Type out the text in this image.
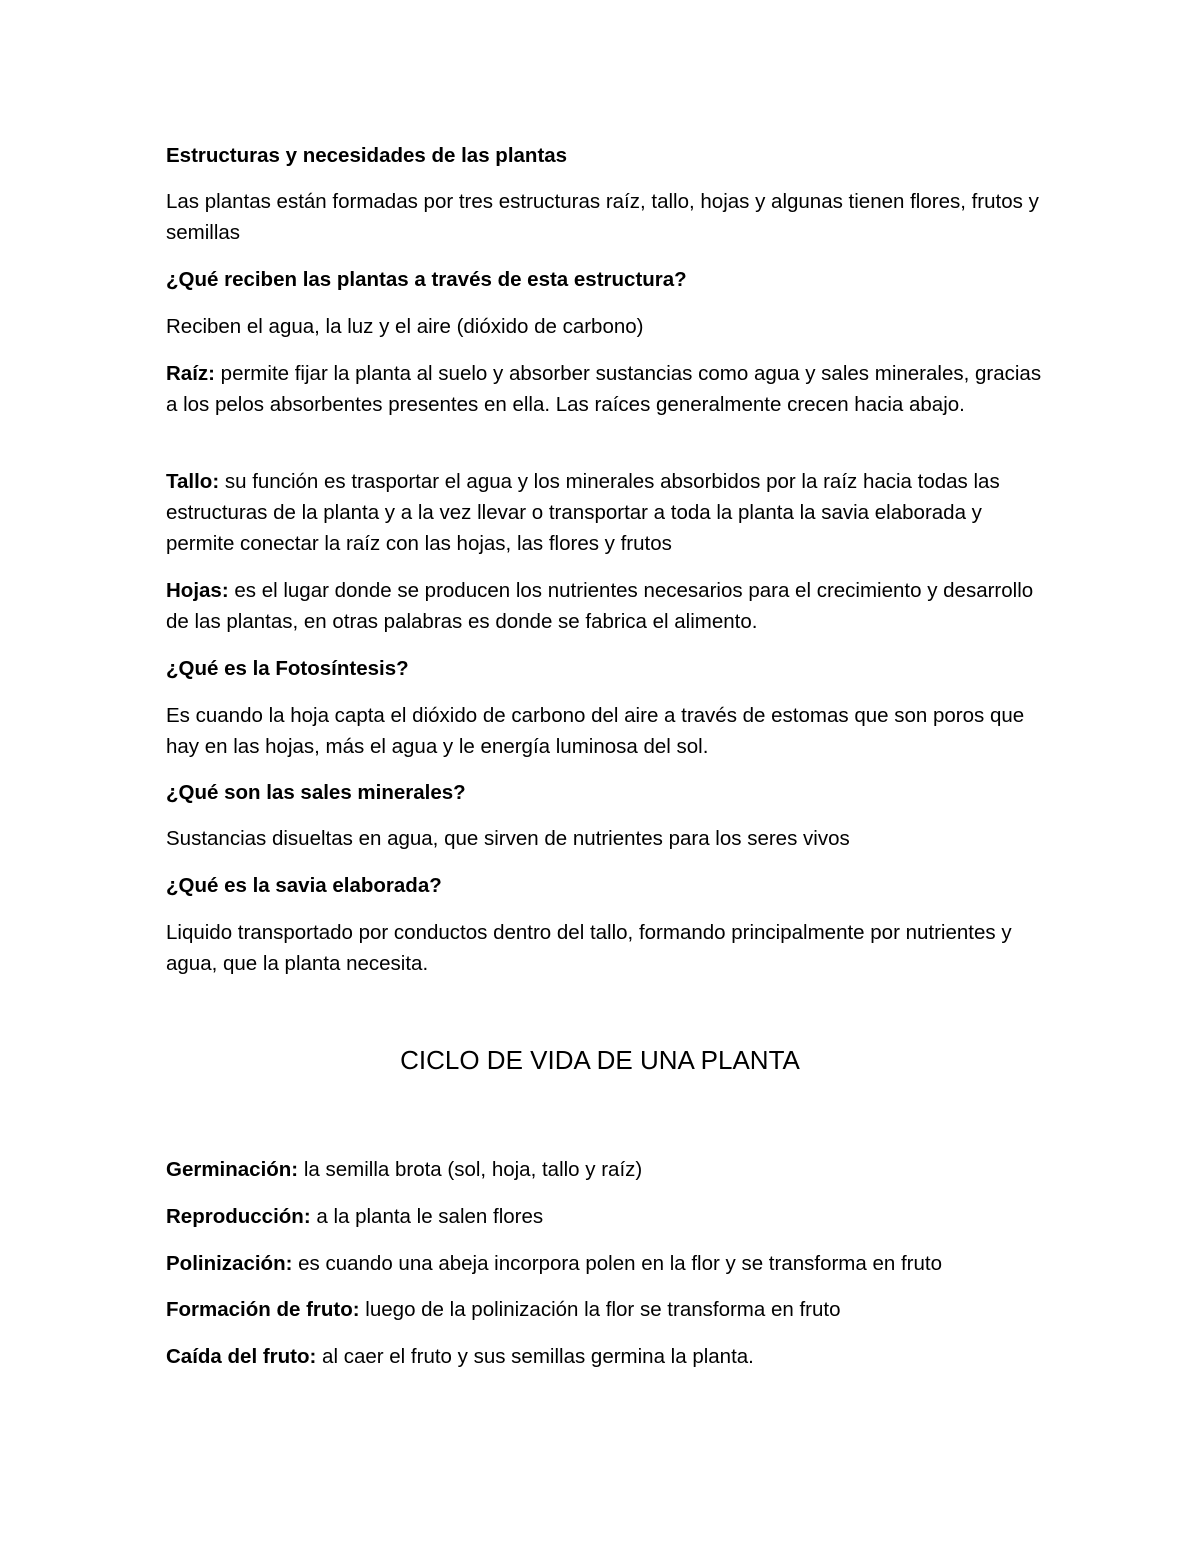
Estructuras y necesidades de las plantas

Las plantas están formadas por tres estructuras raíz, tallo, hojas y algunas tienen flores, frutos y semillas

¿Qué reciben las plantas a través de esta estructura?

Reciben el agua, la luz y el aire (dióxido de carbono)

Raíz: permite fijar la planta al suelo y absorber sustancias como agua y sales minerales, gracias a los pelos absorbentes presentes en ella. Las raíces generalmente crecen hacia abajo.

Tallo: su función es trasportar el agua y los minerales absorbidos por la raíz hacia todas las estructuras de la planta y a la vez llevar o transportar a toda la planta la savia elaborada y permite conectar la raíz con las hojas, las flores y frutos

Hojas: es el lugar donde se producen los nutrientes necesarios para el crecimiento y desarrollo de las plantas, en otras palabras es donde se fabrica el alimento.

¿Qué es la Fotosíntesis?

Es cuando la hoja capta el dióxido de carbono del aire a través de estomas que son poros que hay en las hojas, más el agua y le energía luminosa del sol.

¿Qué son las sales minerales?

Sustancias disueltas en agua, que sirven de nutrientes para los seres vivos

¿Qué es la savia elaborada?

Liquido transportado por conductos dentro del tallo, formando principalmente por nutrientes y agua, que la planta necesita.

CICLO DE VIDA DE UNA PLANTA

Germinación: la semilla brota (sol, hoja, tallo y raíz)

Reproducción: a la planta le salen flores

Polinización: es cuando una abeja incorpora polen en la flor y se transforma en fruto

Formación de fruto: luego de la polinización la flor se transforma en fruto

Caída del fruto: al caer el fruto y sus semillas germina la planta.
